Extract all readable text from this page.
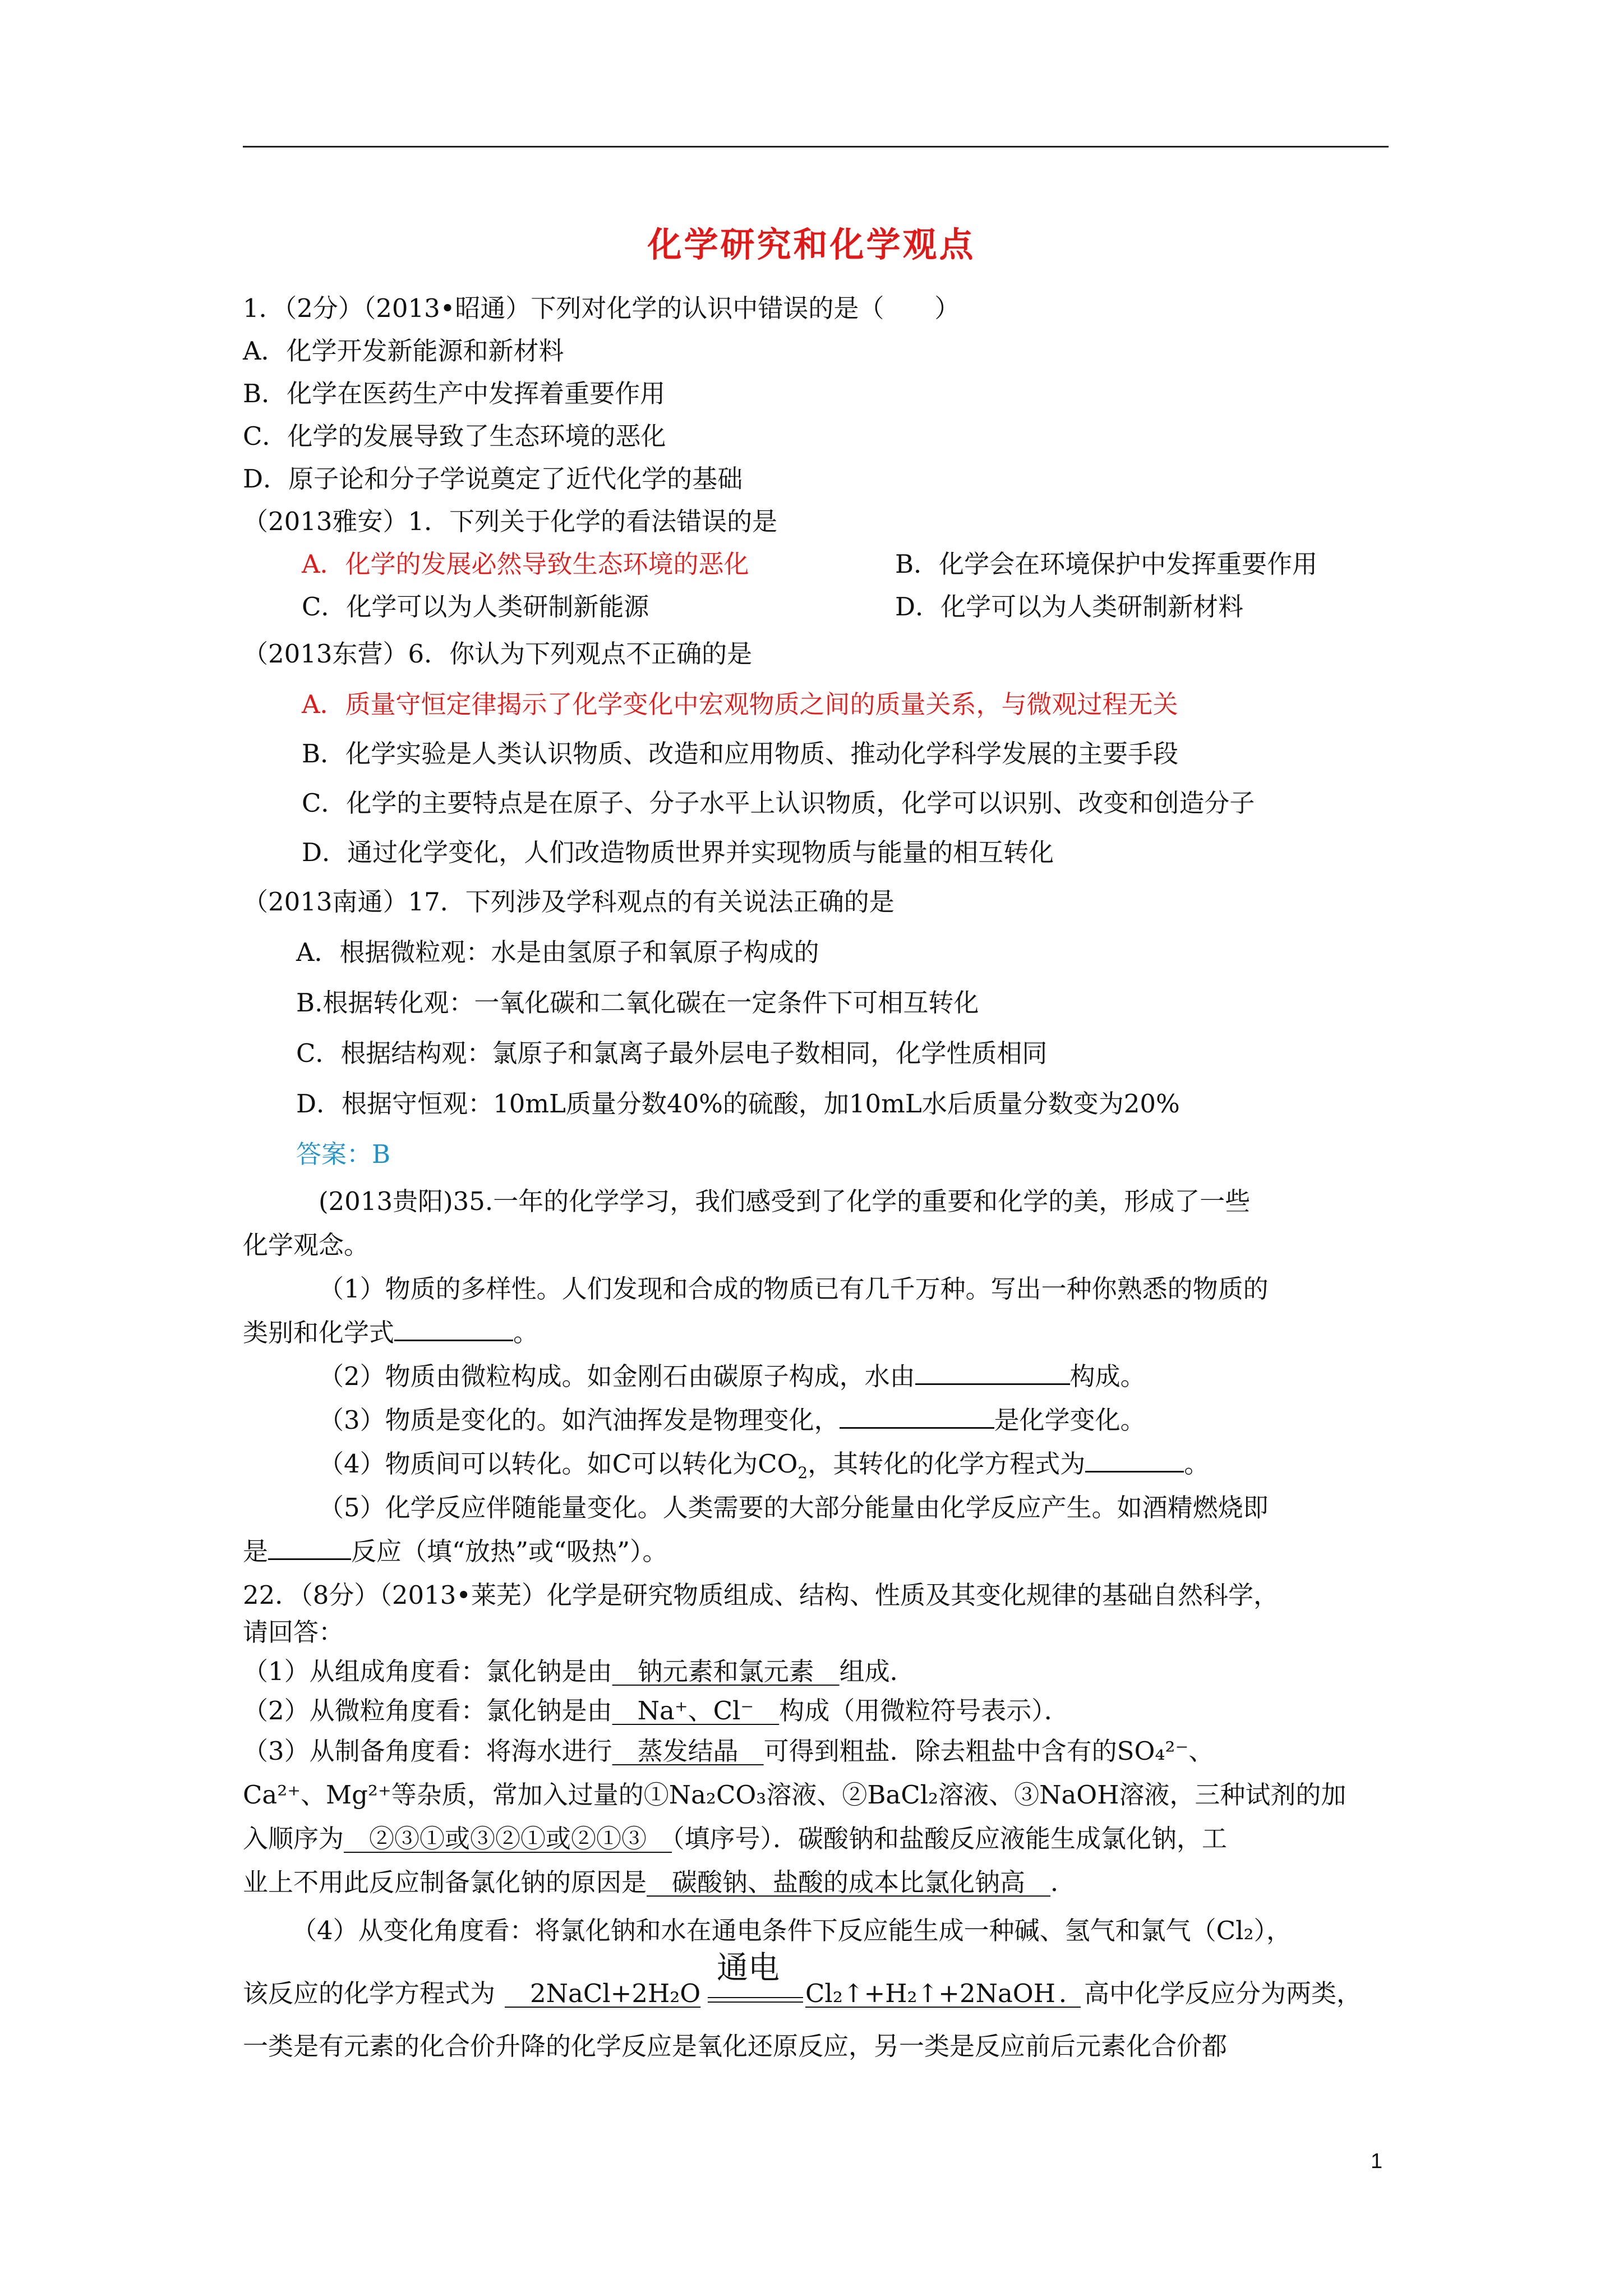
化学研究和化学观点
1．（2分）（2013•昭通）下列对化学的认识中错误的是（　　）
A．化学开发新能源和新材料
B．化学在医药生产中发挥着重要作用
C．化学的发展导致了生态环境的恶化
D．原子论和分子学说奠定了近代化学的基础
（2013雅安）1．下列关于化学的看法错误的是
A．化学的发展必然导致生态环境的恶化	B．化学会在环境保护中发挥重要作用
C．化学可以为人类研制新能源	D．化学可以为人类研制新材料
（2013东营）6．你认为下列观点不正确的是
A．质量守恒定律揭示了化学变化中宏观物质之间的质量关系，与微观过程无关
B．化学实验是人类认识物质、改造和应用物质、推动化学科学发展的主要手段
C．化学的主要特点是在原子、分子水平上认识物质，化学可以识别、改变和创造分子
D．通过化学变化，人们改造物质世界并实现物质与能量的相互转化
（2013南通）17．下列涉及学科观点的有关说法正确的是
A．根据微粒观：水是由氢原子和氧原子构成的
B.根据转化观：一氧化碳和二氧化碳在一定条件下可相互转化
C．根据结构观：氯原子和氯离子最外层电子数相同，化学性质相同
D．根据守恒观：10mL质量分数40%的硫酸，加10mL水后质量分数变为20%
答案：B
(2013贵阳)35.一年的化学学习，我们感受到了化学的重要和化学的美，形成了一些
化学观念。
（1）物质的多样性。人们发现和合成的物质已有几千万种。写出一种你熟悉的物质的
类别和化学式	。
（2）物质由微粒构成。如金刚石由碳原子构成，水由	构成。
（3）物质是变化的。如汽油挥发是物理变化，	是化学变化。
（4）物质间可以转化。如C可以转化为$CO_2$，其转化的化学方程式为	。
（5）化学反应伴随能量变化。人类需要的大部分能量由化学反应产生。如酒精燃烧即
是	反应（填“放热”或“吸热”）。
22．（8分）（2013•莱芜）化学是研究物质组成、结构、性质及其变化规律的基础自然科学，
请回答：
（1）从组成角度看：氯化钠是由　钠元素和氯元素　组成．
（2）从微粒角度看：氯化钠是由　Na⁺、Cl⁻　构成（用微粒符号表示）．
（3）从制备角度看：将海水进行　蒸发结晶　可得到粗盐．除去粗盐中含有的SO₄²⁻、
Ca²⁺、Mg²⁺等杂质，常加入过量的①Na₂CO₃溶液、②BaCl₂溶液、③NaOH溶液，三种试剂的加
入顺序为　②③①或③②①或②①③　（填序号）．碳酸钠和盐酸反应液能生成氯化钠，工
业上不用此反应制备氯化钠的原因是　碳酸钠、盐酸的成本比氯化钠高　．
（4）从变化角度看：将氯化钠和水在通电条件下反应能生成一种碱、氢气和氯气（Cl₂），
该反应的化学方程式为 　2NaCl+2H₂O
通电
Cl₂↑+H₂↑+2NaOH　
．高中化学反应分为两类，
一类是有元素的化合价升降的化学反应是氧化还原反应，另一类是反应前后元素化合价都
1
